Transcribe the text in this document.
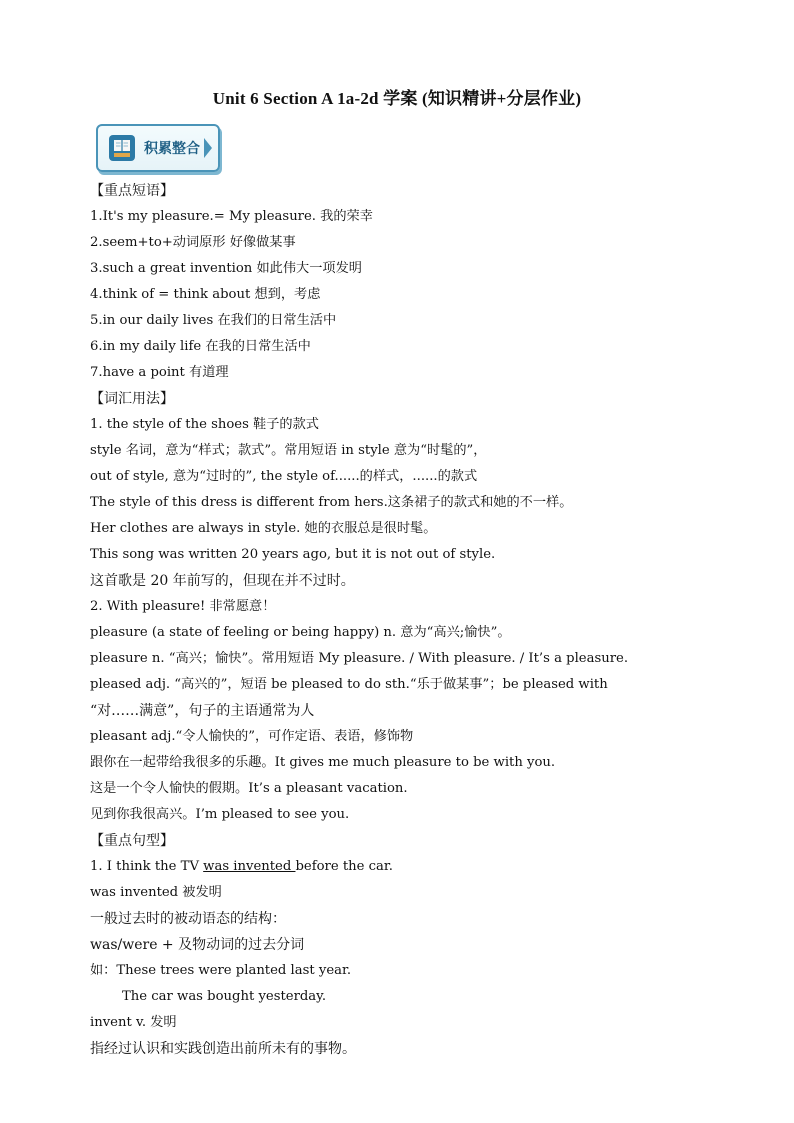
Unit 6 Section A 1a-2d 学案 (知识精讲+分层作业)
积累整合
【重点短语】
1.It's my pleasure.= My pleasure. 我的荣幸
2.seem+to+动词原形 好像做某事
3.such a great invention 如此伟大一项发明
4.think of = think about 想到，考虑
5.in our daily lives 在我们的日常生活中
6.in my daily life 在我的日常生活中
7.have a point 有道理
【词汇用法】
1. the style of the shoes 鞋子的款式
style 名词，意为“样式；款式”。常用短语 in style 意为“时髦的”，
out of style, 意为“过时的”, the style of......的样式，......的款式
The style of this dress is different from hers.这条裙子的款式和她的不一样。
Her clothes are always in style. 她的衣服总是很时髦。
This song was written 20 years ago, but it is not out of style.
这首歌是 20 年前写的，但现在并不过时。
2. With pleasure! 非常愿意！
pleasure (a state of feeling or being happy) n. 意为“高兴;愉快”。
pleasure n. “高兴；愉快”。常用短语 My pleasure. / With pleasure. / It’s a pleasure.
pleased adj. “高兴的”，短语 be pleased to do sth.“乐于做某事”；be pleased with
“对……满意”，句子的主语通常为人
pleasant adj.“令人愉快的”，可作定语、表语，修饰物
跟你在一起带给我很多的乐趣。It gives me much pleasure to be with you.
这是一个令人愉快的假期。It’s a pleasant vacation.
见到你我很高兴。I’m pleased to see you.
【重点句型】
1. I think the TV was invented before the car.
was invented 被发明
一般过去时的被动语态的结构：
was/were + 及物动词的过去分词
如：These trees were planted last year.
The car was bought yesterday.
invent v. 发明
指经过认识和实践创造出前所未有的事物。
